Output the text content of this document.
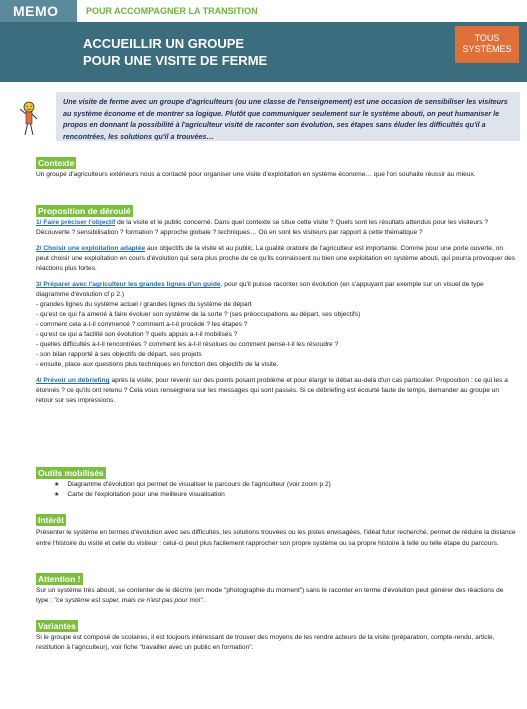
MEMO	POUR ACCOMPAGNER LA TRANSITION
ACCUEILLIR UN GROUPE
POUR UNE VISITE DE FERME
TOUS
SYSTÈMES
Une visite de ferme avec un groupe d'agriculteurs (ou une classe de l'enseignement) est une occasion de sensibiliser les visiteurs au système économe et de montrer sa logique. Plutôt que communiquer seulement sur le système abouti, on peut humaniser le propos en donnant la possibilité à l'agriculteur visité de raconter son évolution, ses étapes sans éluder les difficultés qu'il a rencontrées, les solutions qu'il a trouvées…
Contexte

Un groupe d'agriculteurs extérieurs nous a contacté pour organiser une visite d'exploitation en système économe… que l'on souhaite réussir au mieux.

Proposition de déroulé

1/ Faire préciser l'objectif de la visite et le public concerné. Dans quel contexte se situe cette visite ? Quels sont les résultats attendus pour les visiteurs ? Découverte ? sensibilisation ? formation ? approche globale ? techniques… Où en sont les visiteurs par rapport à cette thématique ?

2/ Choisir une exploitation adaptée aux objectifs de la visite et au public. La qualité oratoire de l'agriculteur est importante. Comme pour une porte ouverte, on peut choisir une exploitation en cours d'évolution qui sera plus proche de ce qu'ils connaissent ou bien une exploitation en système abouti, qui pourra provoquer des réactions plus fortes.

3/ Préparer avec l'agriculteur les grandes lignes d'un guide, pour qu'il puisse raconter son évolution (en s'appuyant par exemple sur un visuel de type diagramme d'évolution cf p 2.)

- grandes lignes du système actuel / grandes lignes du système de départ

- qu'est ce qui l'a amené à faire évoluer son système de la sorte ? (ses préoccupations au départ, ses objectifs)

- comment cela a-t-il commencé ? comment a-t-il procédé ? les étapes ?

- qu'est ce qui a facilité son évolution ? quels appuis a-t-il mobilisés ?

- quelles difficultés a-t-il rencontrées ? comment les a-t-il résolues ou comment pense-t-il les résoudre ?

- son bilan rapporté à ses objectifs de départ, ses projets

- ensuite, place aux questions plus techniques en fonction des objectifs de la visite.

4/ Prévoir un débriefing après la visite, pour revenir sur des points posant problème et pour élargir le débat au-delà d'un cas particulier. Proposition : ce qui les a étonnés ? ce qu'ils ont retenu ? Cela vous renseignera sur les messages qui sont passés. Si ce débriefing est écourté faute de temps, demander au groupe un retour sur ses impressions.

Outils mobilisés
★ Diagramme d'évolution qui permet de visualiser le parcours de l'agriculteur (voir zoom p 2)
★ Carte de l'exploitation pour une meilleure visualisation
Intérêt

Présenter le système en termes d'évolution avec ses difficultés, les solutions trouvées ou les pistes envisagées, l'idéal futur recherché, permet de réduire la distance entre l'histoire du visité et celle du visiteur : celui-ci peut plus facilement rapprocher son propre système ou sa propre histoire à telle ou telle étape du parcours.

Attention !

Sur un système très abouti, se contenter de le décrire (en mode "photographie du moment") sans le raconter en terme d'évolution peut générer des réactions de type : "ce système est super, mais ce n'est pas pour moi".

Variantes

Si le groupe est composé de scolaires, il est toujours intéressant de trouver des moyens de les rendre acteurs de la visite (préparation, compte-rendu, article, restitution à l'agriculteur), voir fiche "travailler avec un public en formation".
